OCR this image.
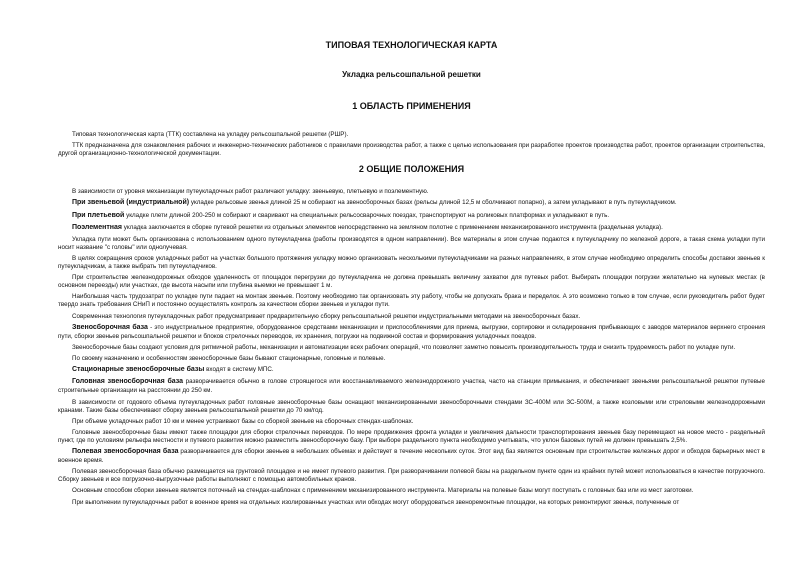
ТИПОВАЯ ТЕХНОЛОГИЧЕСКАЯ КАРТА
Укладка рельсошпальной решетки
1 ОБЛАСТЬ ПРИМЕНЕНИЯ

Типовая технологическая карта (ТТК) составлена на укладку рельсошпальной решетки (РШР).

ТТК предназначена для ознакомления рабочих и инженерно-технических работников с правилами производства работ, а также с целью использования при разработке проектов производства работ, проектов организации строительства, другой организационно-технологической документации.

2 ОБЩИЕ ПОЛОЖЕНИЯ

В зависимости от уровня механизации путеукладочных работ различают укладку: звеньевую, плетьевую и поэлементную.

При звеньевой (индустриальной) укладке рельсовые звенья длиной 25 м собирают на звеносборочных базах (рельсы длиной 12,5 м сболчивают попарно), а затем укладывают в путь путеукладчиком.

При плетьевой укладке плети длиной 200-250 м собирают и сваривают на специальных рельсосварочных поездах, транспортируют на роликовых платформах и укладывают в путь.

Поэлементная укладка заключается в сборке путевой решетки из отдельных элементов непосредственно на земляном полотне с применением механизированного инструмента (раздельная укладка).

Укладка пути может быть организована с использованием одного путеукладчика (работы производятся в одном направлении). Все материалы в этом случае подаются к путеукладчику по железной дороге, а такая схема укладки пути носит название "с головы" или однолучевая.

В целях сокращения сроков укладочных работ на участках большого протяжения укладку можно организовать несколькими путеукладчиками на разных направлениях, в этом случае необходимо определить способы доставки звеньев к путеукладчикам, а также выбрать тип путеукладчиков.

При строительстве железнодорожных обходов удаленность от площадок перегрузки до путеукладчика не должна превышать величину захватки для путевых работ. Выбирать площадки погрузки желательно на нулевых местах (в основном переезды) или участках, где высота насыпи или глубина выемки не превышает 1 м.

Наибольшая часть трудозатрат по укладке пути падает на монтаж звеньев. Поэтому необходимо так организовать эту работу, чтобы не допускать брака и переделок. А это возможно только в том случае, если руководитель работ будет твердо знать требования СНиП и постоянно осуществлять контроль за качеством сборки звеньев и укладки пути.

Современная технология путеукладочных работ предусматривает предварительную сборку рельсошпальной решетки индустриальными методами на звеносборочных базах.

Звеносборочная база - это индустриальное предприятие, оборудованное средствами механизации и приспособлениями для приема, выгрузки, сортировки и складирования прибывающих с заводов материалов верхнего строения пути, сборки звеньев рельсошпальной решетки и блоков стрелочных переводов, их хранения, погрузки на подвижной состав и формирования укладочных поездов.

Звеносборочные базы создают условия для ритмичной работы, механизации и автоматизации всех рабочих операций, что позволяет заметно повысить производительность труда и снизить трудоемкость работ по укладке пути.

По своему назначению и особенностям звеносборочные базы бывают стационарные, головные и полевые.

Стационарные звеносборочные базы входят в систему МПС.

Головная звеносборочная база разворачивается обычно в голове строящегося или восстанавливаемого железнодорожного участка, часто на станции примыкания, и обеспечивает звеньями рельсошпальной решетки путевые строительные организации на расстоянии до 250 км.

В зависимости от годового объема путеукладочных работ головные звеносборочные базы оснащают механизированными звеносборочными стендами ЗС-400М или ЗС-500М, а также козловыми или стреловыми железнодорожными кранами. Такие базы обеспечивают сборку звеньев рельсошпальной решетки до 70 км/год.

При объеме укладочных работ 10 км и менее устраивают базы со сборкой звеньев на сборочных стендах-шаблонах.

Головные звеносборочные базы имеют также площадки для сборки стрелочных переводов. По мере продвижения фронта укладки и увеличения дальности транспортирования звеньев базу перемещают на новое место - раздельный пункт, где по условиям рельефа местности и путевого развития можно разместить звеносборочную базу. При выборе раздельного пункта необходимо учитывать, что уклон базовых путей не должен превышать 2,5%.

Полевая звеносборочная база разворачивается для сборки звеньев в небольших объемах и действует в течение нескольких суток. Этот вид баз является основным при строительстве железных дорог и обходов барьерных мест в военное время.

Полевая звеносборочная база обычно размещается на грунтовой площадке и не имеет путевого развития. При разворачивании полевой базы на раздельном пункте один из крайних путей может использоваться в качестве погрузочного. Сборку звеньев и все погрузочно-выгрузочные работы выполняют с помощью автомобильных кранов.

Основным способом сборки звеньев является поточный на стендах-шаблонах с применением механизированного инструмента. Материалы на полевые базы могут поступать с головных баз или из мест заготовки.

При выполнении путеукладочных работ в военное время на отдельных изолированных участках или обходах могут оборудоваться звеноремонтные площадки, на которых ремонтируют звенья, полученные от
